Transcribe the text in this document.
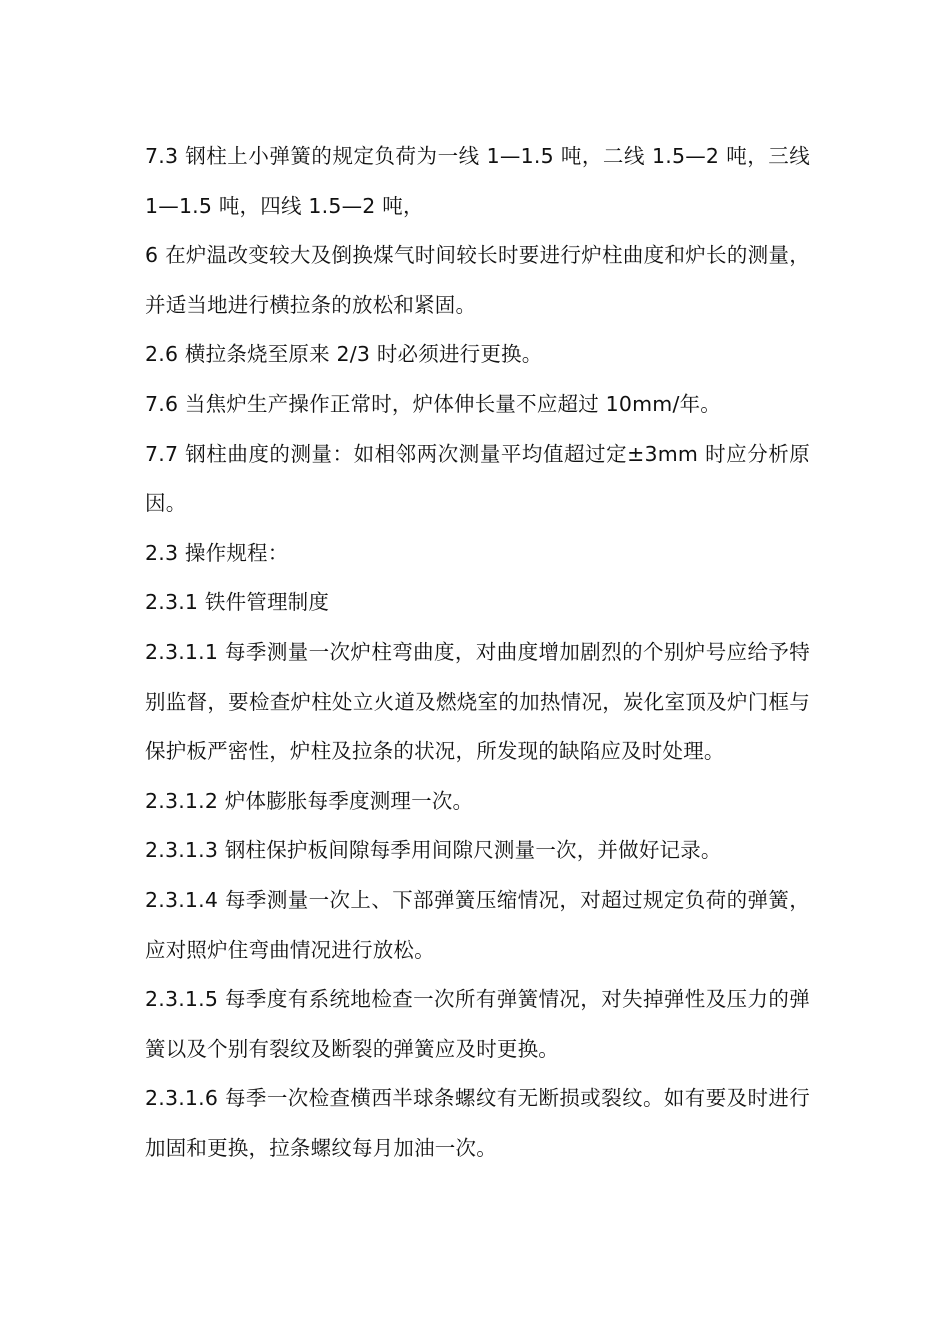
7.3 钢柱上小弹簧的规定负荷为一线 1—1.5 吨，二线 1.5—2 吨，三线 1—1.5 吨，四线 1.5—2 吨，

6 在炉温改变较大及倒换煤气时间较长时要进行炉柱曲度和炉长的测量，并适当地进行横拉条的放松和紧固。

2.6 横拉条烧至原来 2/3 时必须进行更换。

7.6 当焦炉生产操作正常时，炉体伸长量不应超过 10mm/年。

7.7 钢柱曲度的测量：如相邻两次测量平均值超过定±3mm 时应分析原因。

2.3 操作规程：

2.3.1 铁件管理制度

2.3.1.1 每季测量一次炉柱弯曲度，对曲度增加剧烈的个别炉号应给予特别监督，要检查炉柱处立火道及燃烧室的加热情况，炭化室顶及炉门框与保护板严密性，炉柱及拉条的状况，所发现的缺陷应及时处理。

2.3.1.2 炉体膨胀每季度测理一次。

2.3.1.3 钢柱保护板间隙每季用间隙尺测量一次，并做好记录。

2.3.1.4 每季测量一次上、下部弹簧压缩情况，对超过规定负荷的弹簧，应对照炉住弯曲情况进行放松。

2.3.1.5 每季度有系统地检查一次所有弹簧情况，对失掉弹性及压力的弹簧以及个别有裂纹及断裂的弹簧应及时更换。

2.3.1.6 每季一次检查横西半球条螺纹有无断损或裂纹。如有要及时进行加固和更换，拉条螺纹每月加油一次。
